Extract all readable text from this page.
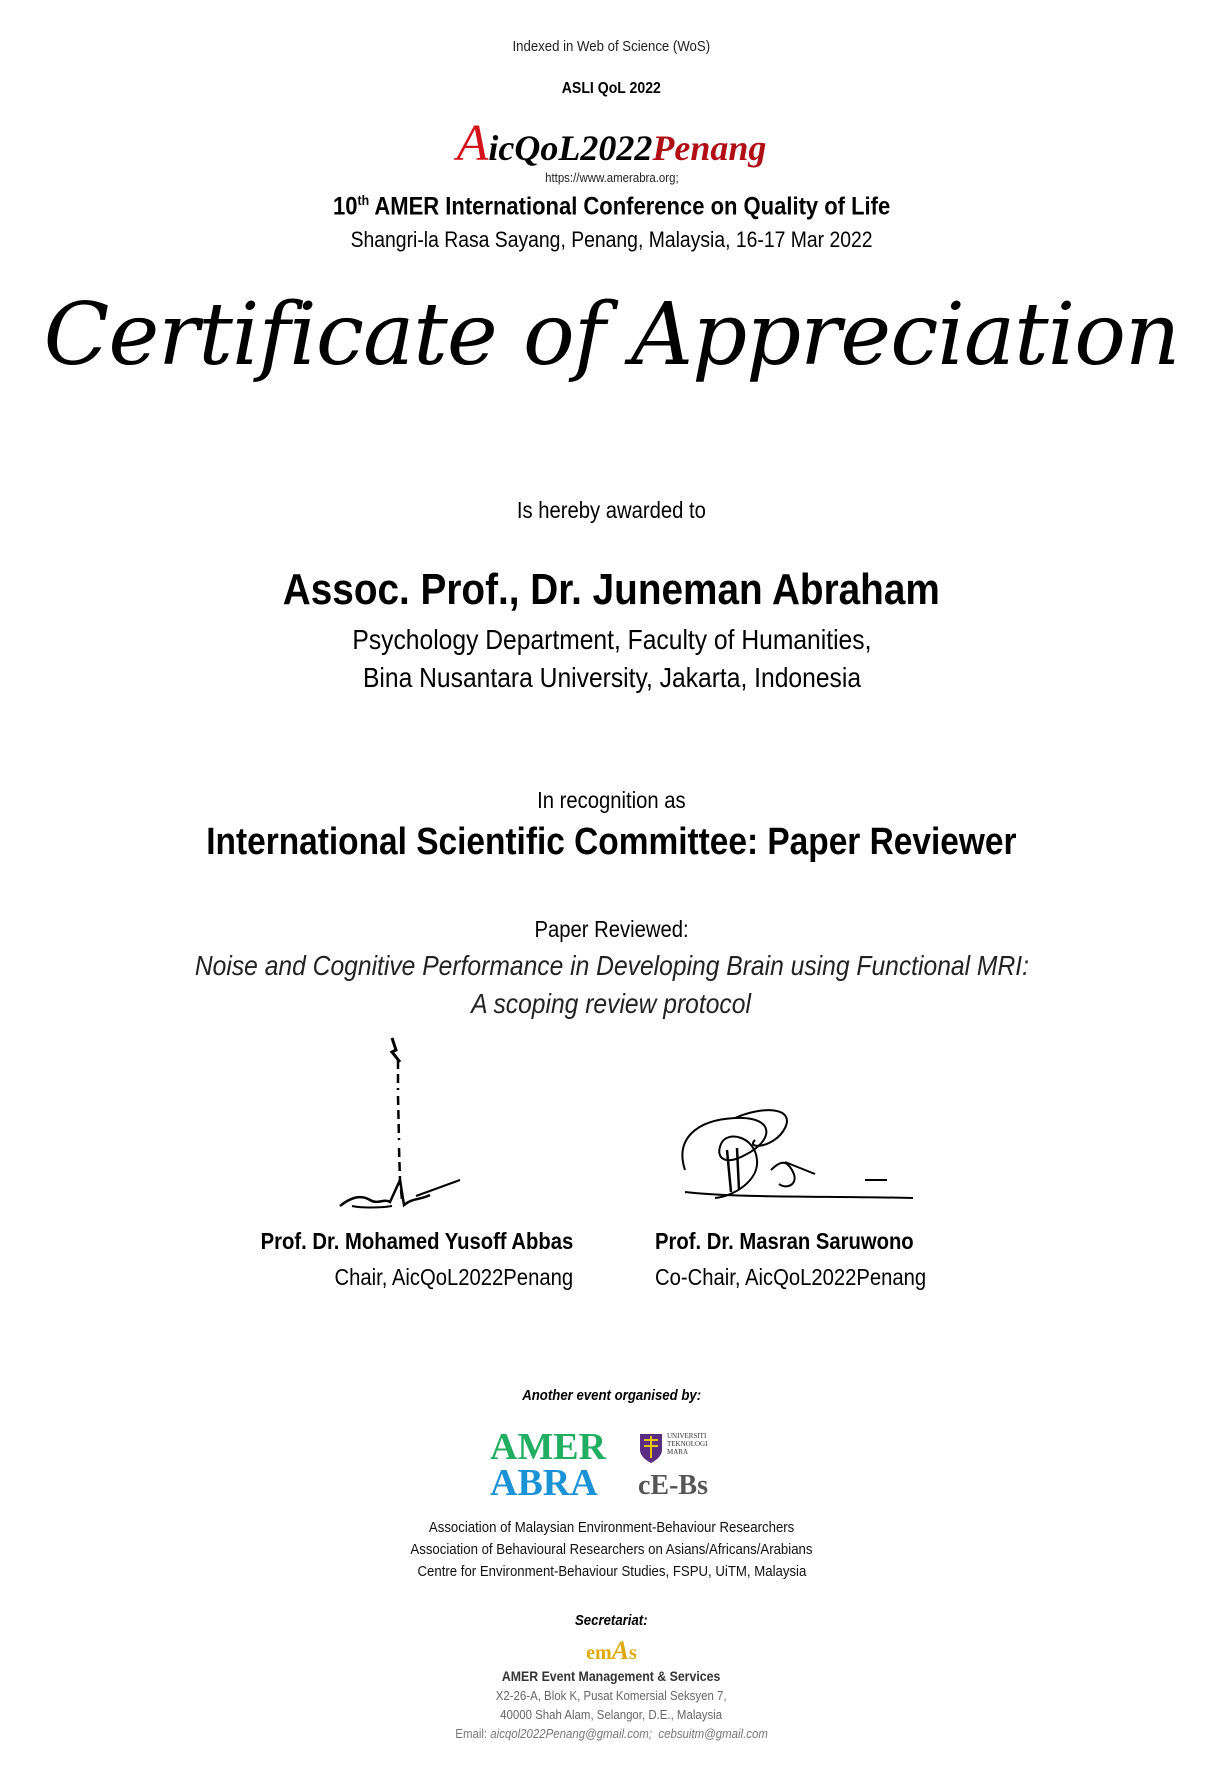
Indexed in Web of Science (WoS)
ASLI QoL 2022
AicQoL2022Penang
https://www.amerabra.org;
10th AMER International Conference on Quality of Life
Shangri-la Rasa Sayang, Penang, Malaysia, 16-17 Mar 2022
Certificate of Appreciation
Is hereby awarded to
Assoc. Prof., Dr. Juneman Abraham
Psychology Department, Faculty of Humanities,
Bina Nusantara University, Jakarta, Indonesia
In recognition as
International Scientific Committee: Paper Reviewer
Paper Reviewed:
Noise and Cognitive Performance in Developing Brain using Functional MRI:
A scoping review protocol
Prof. Dr. Mohamed Yusoff Abbas
Chair, AicQoL2022Penang
Prof. Dr. Masran Saruwono
Co-Chair, AicQoL2022Penang
Another event organised by:
AMER
ABRA
UNIVERSITI
TEKNOLOGI
MARA
cE-Bs
Association of Malaysian Environment-Behaviour Researchers
Association of Behavioural Researchers on Asians/Africans/Arabians
Centre for Environment-Behaviour Studies, FSPU, UiTM, Malaysia
Secretariat:
emAs
AMER Event Management & Services
X2-26-A, Blok K, Pusat Komersial Seksyen 7,
40000 Shah Alam, Selangor, D.E., Malaysia
Email: aicqol2022Penang@gmail.com; cebsuitm@gmail.com
